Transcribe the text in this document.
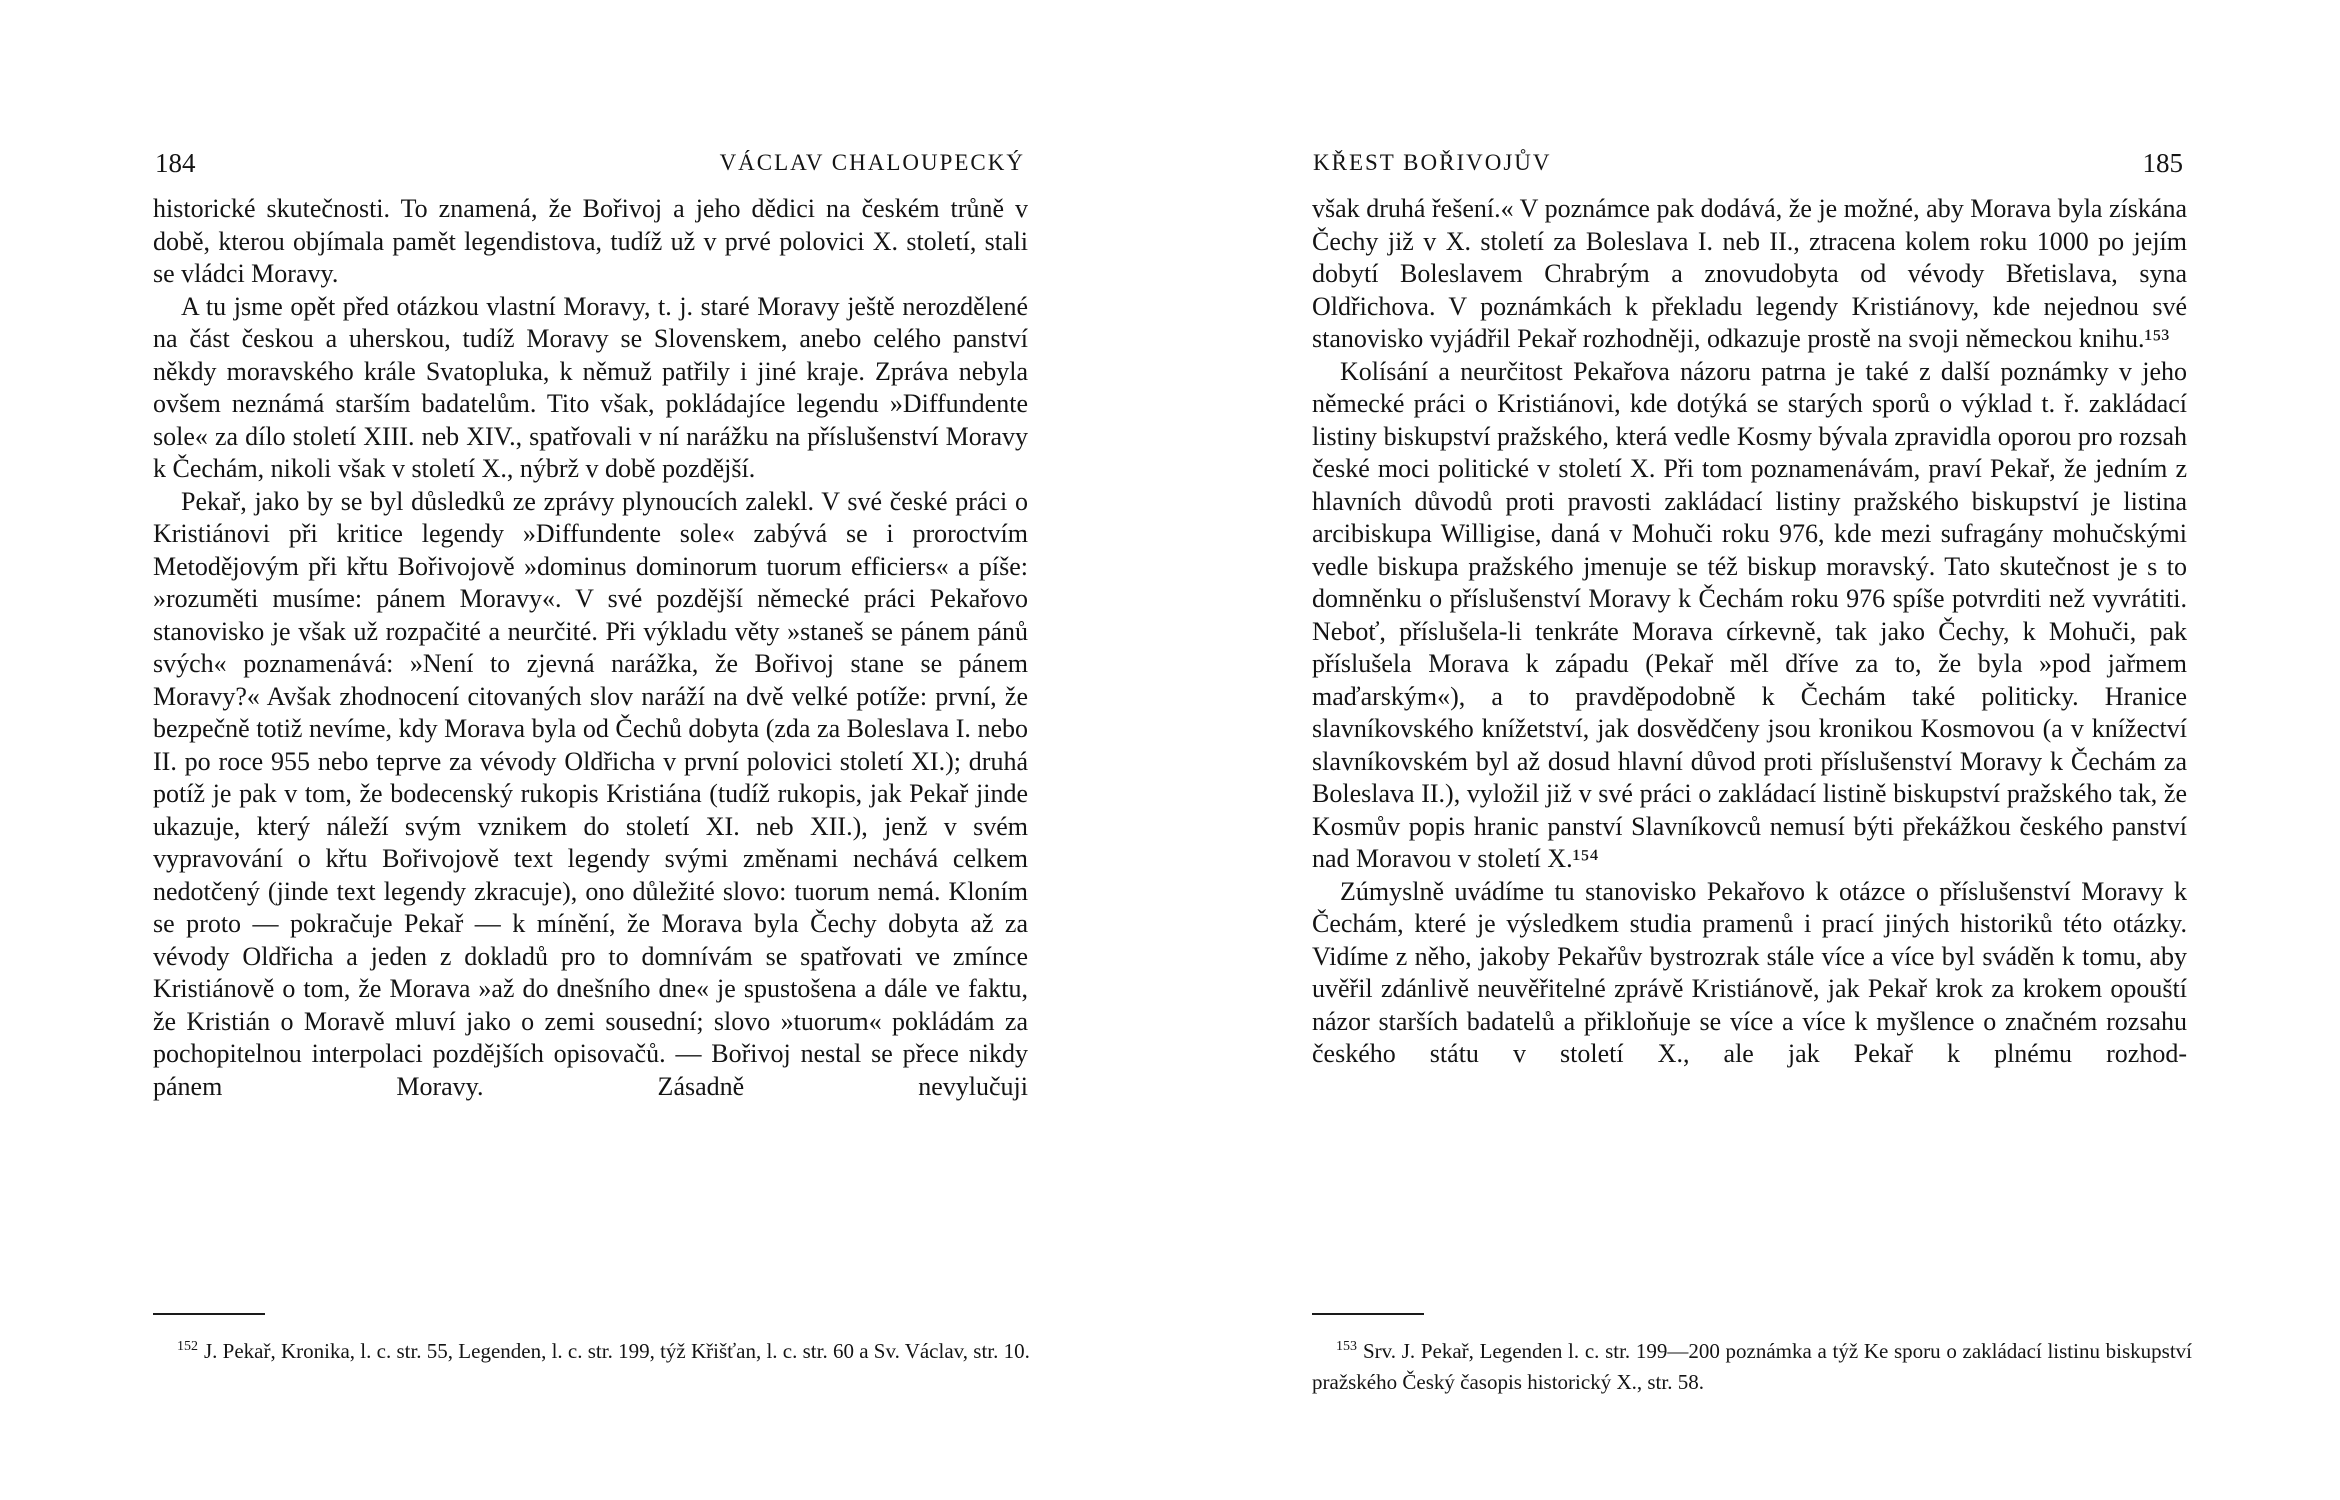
184	VÁCLAV CHALOUPECKÝ

historické skutečnosti. To znamená, že Bořivoj a jeho dědici na českém trůně v době, kterou objímala pamět legendistova, tudíž už v prvé polovici X. století, stali se vládci Moravy.

A tu jsme opět před otázkou vlastní Moravy, t. j. staré Moravy ještě nerozdělené na část českou a uherskou, tudíž Moravy se Slovenskem, anebo celého panství někdy moravského krále Svatopluka, k němuž patřily i jiné kraje. Zpráva nebyla ovšem neznámá starším badatelům. Tito však, pokládajíce legendu »Diffundente sole« za dílo století XIII. neb XIV., spatřovali v ní narážku na příslušenství Moravy k Čechám, nikoli však v století X., nýbrž v době pozdější.

Pekař, jako by se byl důsledků ze zprávy plynoucích zalekl. V své české práci o Kristiánovi při kritice legendy »Diffundente sole« zabývá se i proroctvím Metodějovým při křtu Bořivojově »dominus dominorum tuorum efficiers« a píše: »rozuměti musíme: pánem Moravy«. V své pozdější německé práci Pekařovo stanovisko je však už rozpačité a neurčité. Při výkladu věty »staneš se pánem pánů svých« poznamenává: »Není to zjevná narážka, že Bořivoj stane se pánem Moravy?« Avšak zhodnocení citovaných slov naráží na dvě velké potíže: první, že bezpečně totiž nevíme, kdy Morava byla od Čechů dobyta (zda za Boleslava I. nebo II. po roce 955 nebo teprve za vévody Oldřicha v první polovici století XI.); druhá potíž je pak v tom, že bodecenský rukopis Kristiána (tudíž rukopis, jak Pekař jinde ukazuje, který náleží svým vznikem do století XI. neb XII.), jenž v svém vypravování o křtu Bořivojově text legendy svými změnami nechává celkem nedotčený (jinde text legendy zkracuje), ono důležité slovo: tuorum nemá. Kloním se proto — pokračuje Pekař — k mínění, že Morava byla Čechy dobyta až za vévody Oldřicha a jeden z dokladů pro to domnívám se spatřovati ve zmínce Kristiánově o tom, že Morava »až do dnešního dne« je spustošena a dále ve faktu, že Kristián o Moravě mluví jako o zemi sousední; slovo »tuorum« pokládám za pochopitelnou interpolaci pozdějších opisovačů. — Bořivoj nestal se přece nikdy pánem Moravy. Zásadně nevylučuji

$^{152}$ J. Pekař, Kronika, l. c. str. 55, Legenden, l. c. str. 199, týž Křišťan, l. c. str. 60 a Sv. Václav, str. 10.
KŘEST BOŘIVOJŮV	185

však druhá řešení.« V poznámce pak dodává, že je možné, aby Morava byla získána Čechy již v X. století za Boleslava I. neb II., ztracena kolem roku 1000 po jejím dobytí Boleslavem Chrabrým a znovudobyta od vévody Břetislava, syna Oldřichova. V poznámkách k překladu legendy Kristiánovy, kde nejednou své stanovisko vyjádřil Pekař rozhodněji, odkazuje prostě na svoji německou knihu.¹⁵³

Kolísání a neurčitost Pekařova názoru patrna je také z další poznámky v jeho německé práci o Kristiánovi, kde dotýká se starých sporů o výklad t. ř. zakládací listiny biskupství pražského, která vedle Kosmy bývala zpravidla oporou pro rozsah české moci politické v století X. Při tom poznamenávám, praví Pekař, že jedním z hlavních důvodů proti pravosti zakládací listiny pražského biskupství je listina arcibiskupa Willigise, daná v Mohuči roku 976, kde mezi sufragány mohučskými vedle biskupa pražského jmenuje se též biskup moravský. Tato skutečnost je s to domněnku o příslušenství Moravy k Čechám roku 976 spíše potvrditi než vyvrátiti. Neboť, příslušela-li tenkráte Morava církevně, tak jako Čechy, k Mohuči, pak příslušela Morava k západu (Pekař měl dříve za to, že byla »pod jařmem maďarským«), a to pravděpodobně k Čechám také politicky. Hranice slavníkovského knížetství, jak dosvědčeny jsou kronikou Kosmovou (a v knížectví slavníkovském byl až dosud hlavní důvod proti příslušenství Moravy k Čechám za Boleslava II.), vyložil již v své práci o zakládací listině biskupství pražského tak, že Kosmův popis hranic panství Slavníkovců nemusí býti překážkou českého panství nad Moravou v století X.¹⁵⁴

Zúmyslně uvádíme tu stanovisko Pekařovo k otázce o příslušenství Moravy k Čechám, které je výsledkem studia pramenů i prací jiných historiků této otázky. Vidíme z něho, jakoby Pekařův bystrozrak stále více a více byl sváděn k tomu, aby uvěřil zdánlivě neuvěřitelné zprávě Kristiánově, jak Pekař krok za krokem opouští názor starších badatelů a přikloňuje se více a více k myšlence o značném rozsahu českého státu v století X., ale jak Pekař k plnému rozhod-

$^{153}$ Srv. J. Pekař, Legenden l. c. str. 199—200 poznámka a týž Ke sporu o zakládací listinu biskupství pražského Český časopis historický X., str. 58.
